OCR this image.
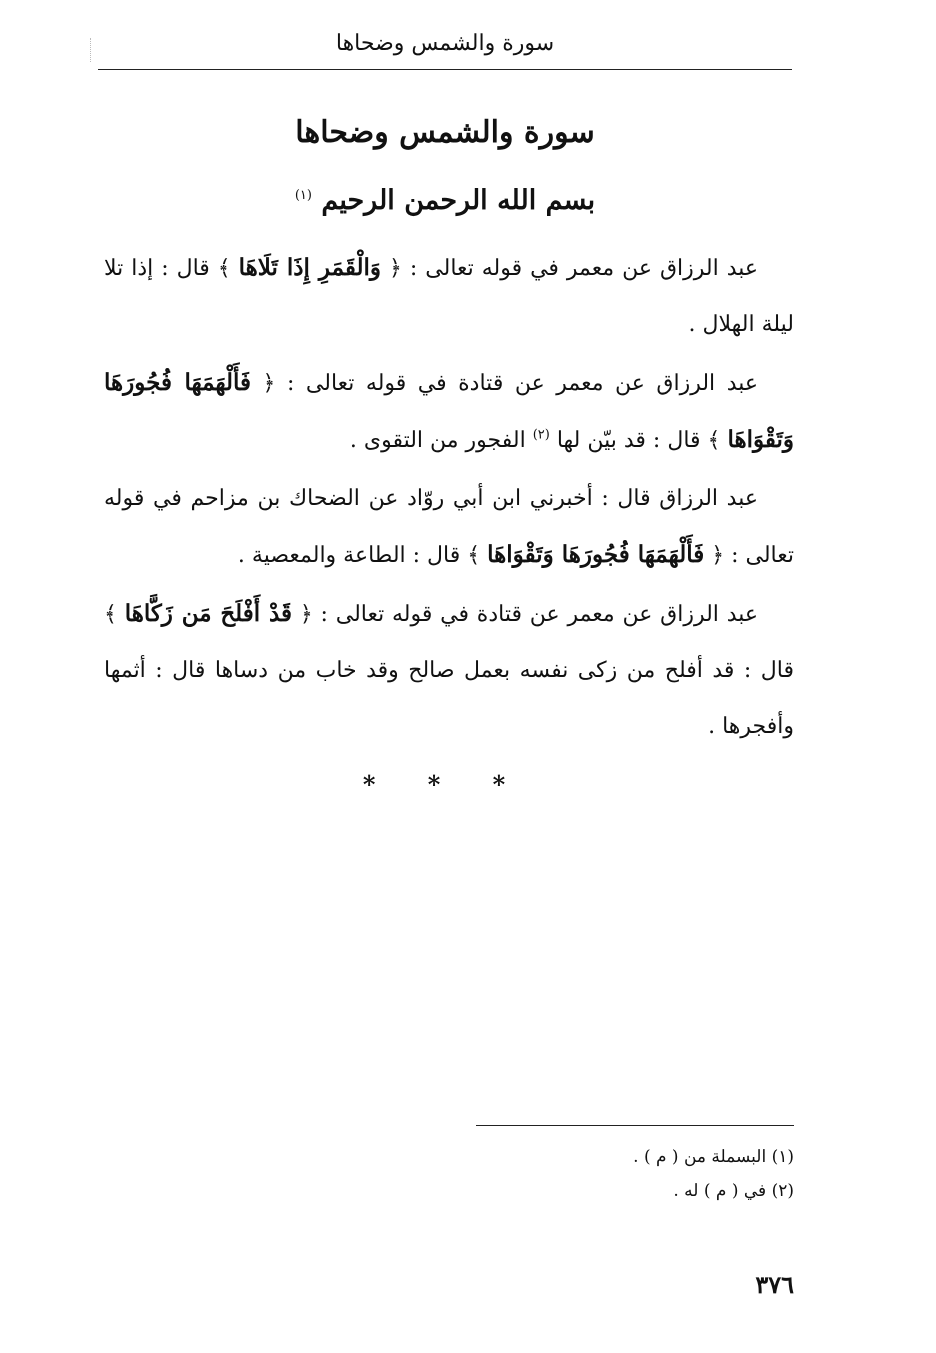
سورة والشمس وضحاها
سورة والشمس وضحاها
بسم الله الرحمن الرحيم $^{(١)}$

عبد الرزاق عن معمر في قوله تعالى : ﴿ وَالْقَمَرِ إِذَا تَلَاهَا ﴾ قال : إذا تلا ليلة الهلال .

عبد الرزاق عن معمر عن قتادة في قوله تعالى : ﴿ فَأَلْهَمَهَا فُجُورَهَا وَتَقْوَاهَا ﴾ قال : قد بيّن لها $^{(٢)}$ الفجور من التقوى .

عبد الرزاق قال : أخبرني ابن أبي روّاد عن الضحاك بن مزاحم في قوله تعالى : ﴿ فَأَلْهَمَهَا فُجُورَهَا وَتَقْوَاهَا ﴾ قال : الطاعة والمعصية .

عبد الرزاق عن معمر عن قتادة في قوله تعالى : ﴿ قَدْ أَفْلَحَ مَن زَكَّاهَا ﴾ قال : قد أفلح من زكى نفسه بعمل صالح وقد خاب من دساها قال : أثمها وأفجرها .

* * *

(١) البسملة من ( م ) .

(٢) في ( م ) له .

٣٧٦
